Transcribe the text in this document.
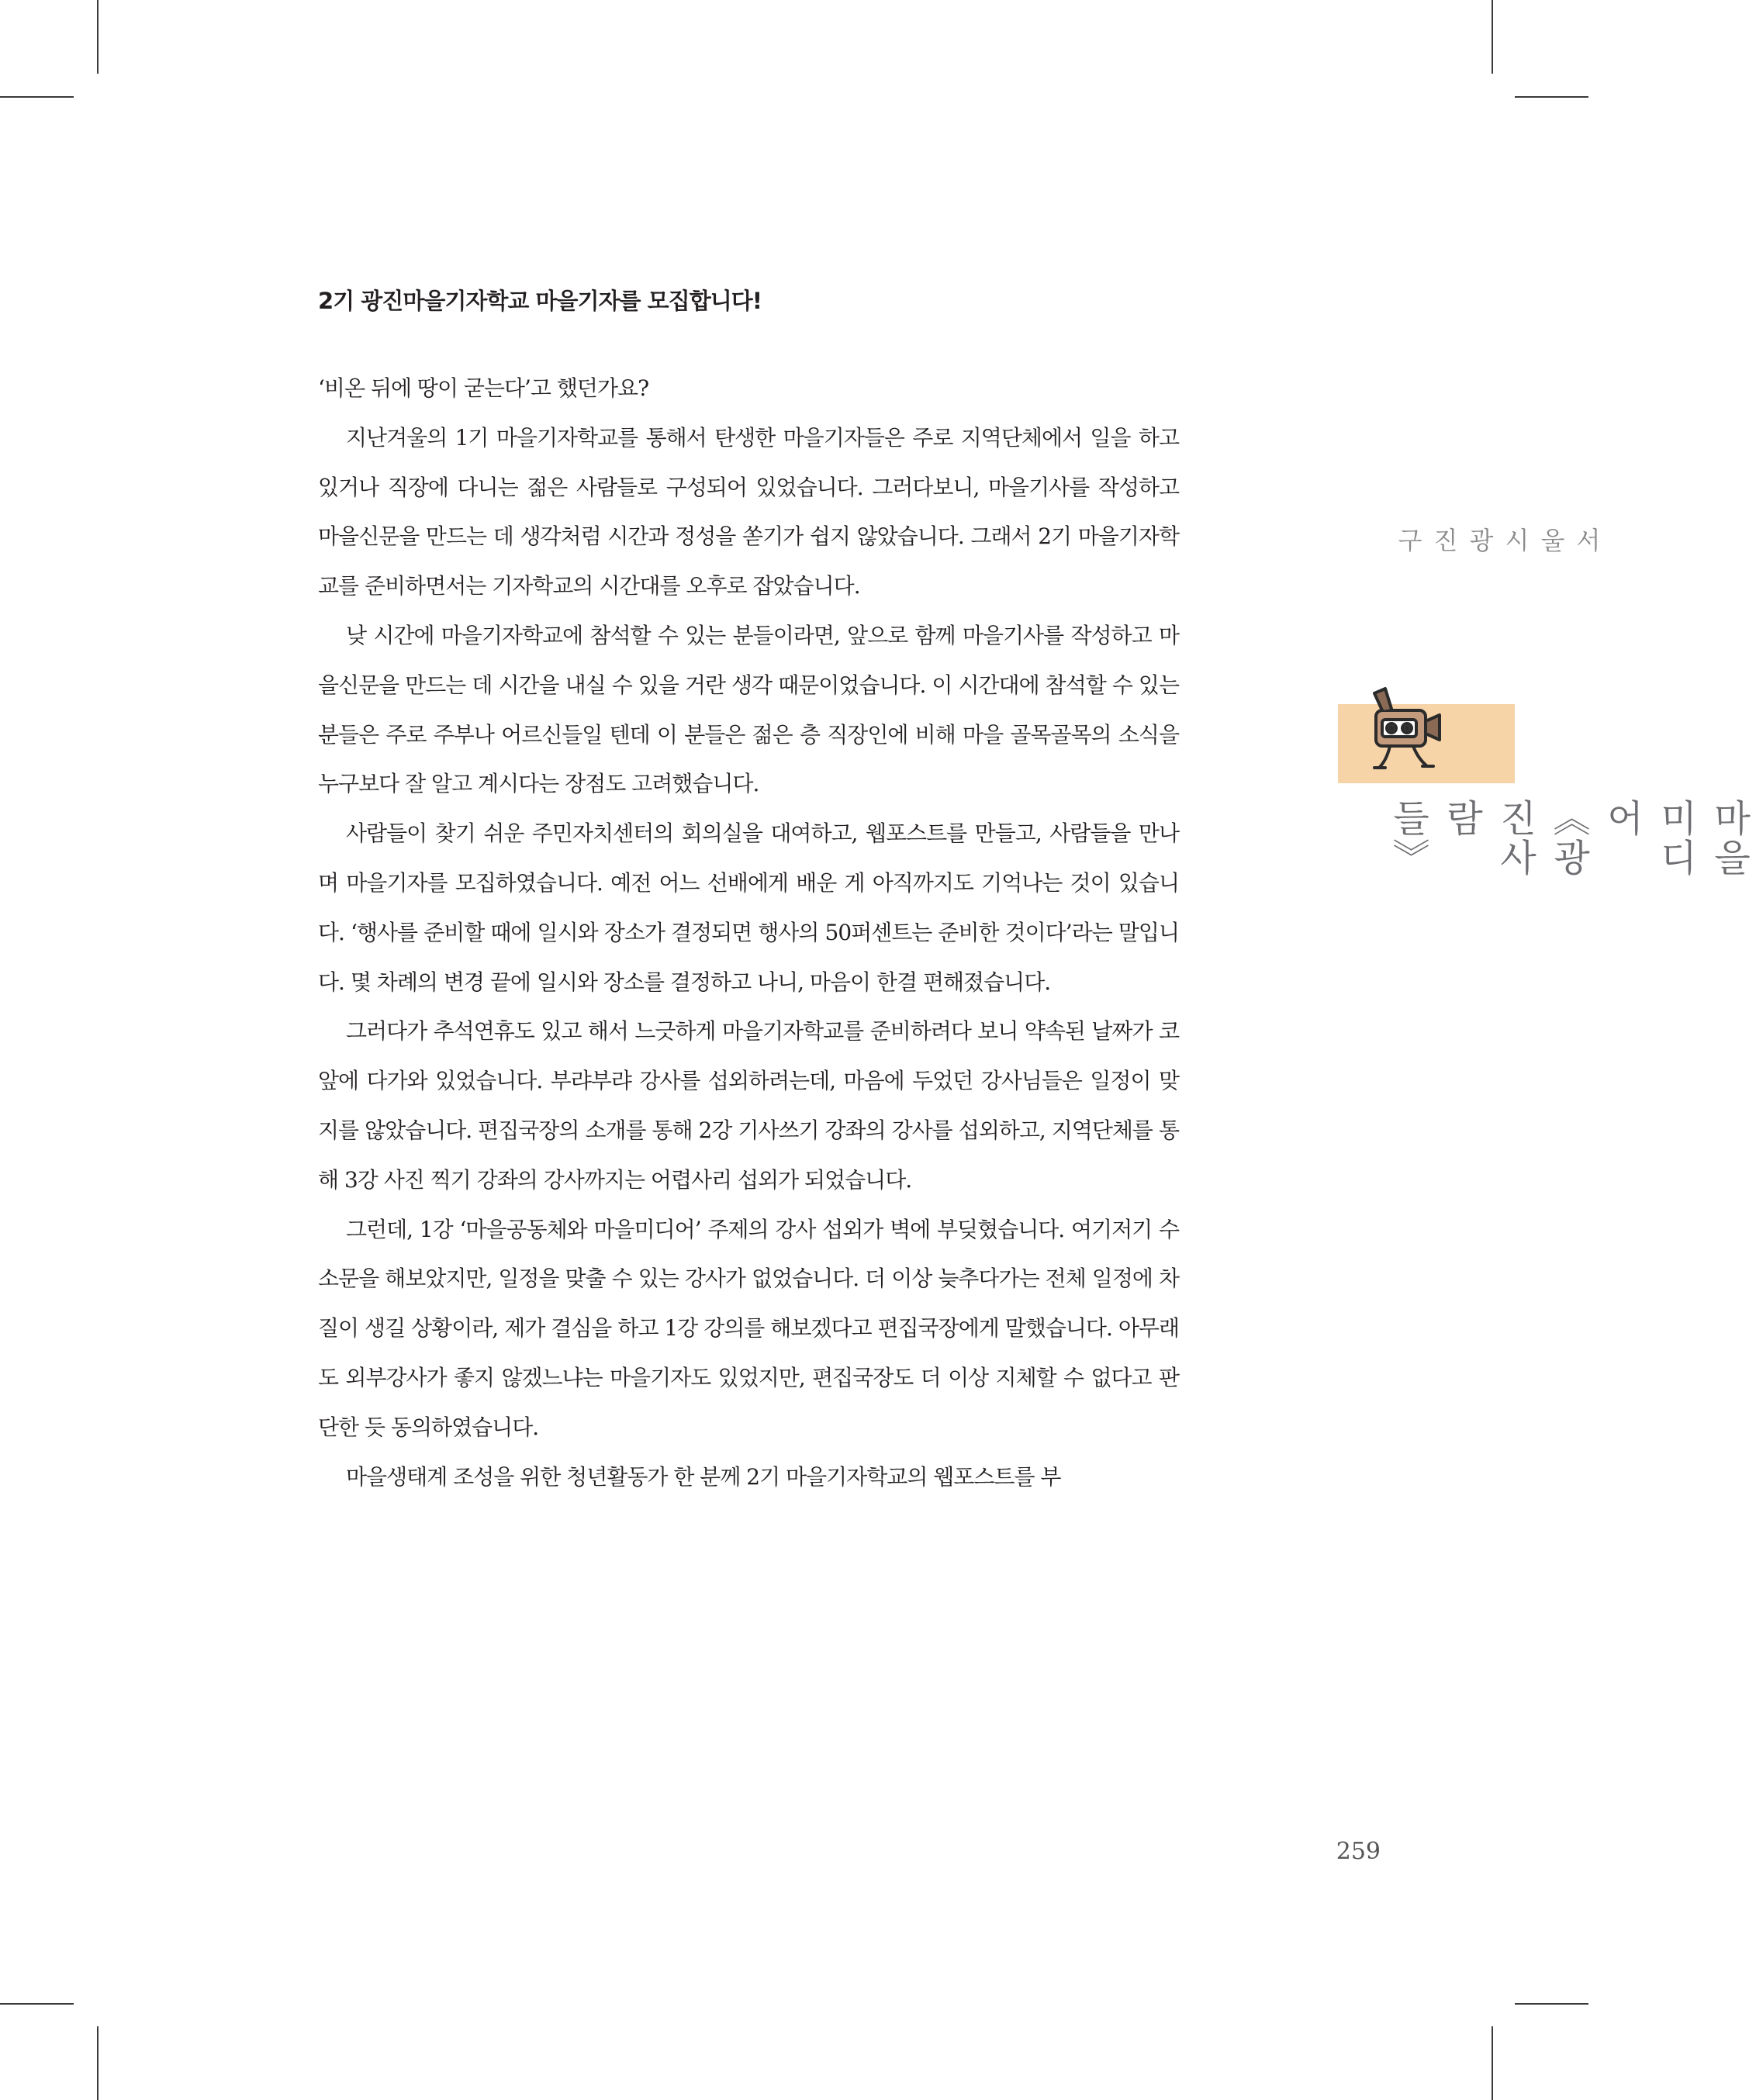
2기 광진마을기자학교 마을기자를 모집합니다!

‘비온 뒤에 땅이 굳는다’고 했던가요?

지난겨울의 1기 마을기자학교를 통해서 탄생한 마을기자들은 주로 지역단체에서 일을 하고 있거나 직장에 다니는 젊은 사람들로 구성되어 있었습니다. 그러다보니, 마을기사를 작성하고 마을신문을 만드는 데 생각처럼 시간과 정성을 쏟기가 쉽지 않았습니다. 그래서 2기 마을기자학교를 준비하면서는 기자학교의 시간대를 오후로 잡았습니다.

낮 시간에 마을기자학교에 참석할 수 있는 분들이라면, 앞으로 함께 마을기사를 작성하고 마을신문을 만드는 데 시간을 내실 수 있을 거란 생각 때문이었습니다. 이 시간대에 참석할 수 있는 분들은 주로 주부나 어르신들일 텐데 이 분들은 젊은 층 직장인에 비해 마을 골목골목의 소식을 누구보다 잘 알고 계시다는 장점도 고려했습니다.

사람들이 찾기 쉬운 주민자치센터의 회의실을 대여하고, 웹포스트를 만들고, 사람들을 만나며 마을기자를 모집하였습니다. 예전 어느 선배에게 배운 게 아직까지도 기억나는 것이 있습니다. ‘행사를 준비할 때에 일시와 장소가 결정되면 행사의 50퍼센트는 준비한 것이다’라는 말입니다. 몇 차례의 변경 끝에 일시와 장소를 결정하고 나니, 마음이 한결 편해졌습니다.

그러다가 추석연휴도 있고 해서 느긋하게 마을기자학교를 준비하려다 보니 약속된 날짜가 코앞에 다가와 있었습니다. 부랴부랴 강사를 섭외하려는데, 마음에 두었던 강사님들은 일정이 맞지를 않았습니다. 편집국장의 소개를 통해 2강 기사쓰기 강좌의 강사를 섭외하고, 지역단체를 통해 3강 사진 찍기 강좌의 강사까지는 어렵사리 섭외가 되었습니다.

그런데, 1강 ‘마을공동체와 마을미디어’ 주제의 강사 섭외가 벽에 부딪혔습니다. 여기저기 수소문을 해보았지만, 일정을 맞출 수 있는 강사가 없었습니다. 더 이상 늦추다가는 전체 일정에 차질이 생길 상황이라, 제가 결심을 하고 1강 강의를 해보겠다고 편집국장에게 말했습니다. 아무래도 외부강사가 좋지 않겠느냐는 마을기자도 있었지만, 편집국장도 더 이상 지체할 수 없다고 판단한 듯 동의하였습니다.

마을생태계 조성을 위한 청년활동가 한 분께 2기 마을기자학교의 웹포스트를 부

서울시 광진구
마을미디어《광진사람들》
259
